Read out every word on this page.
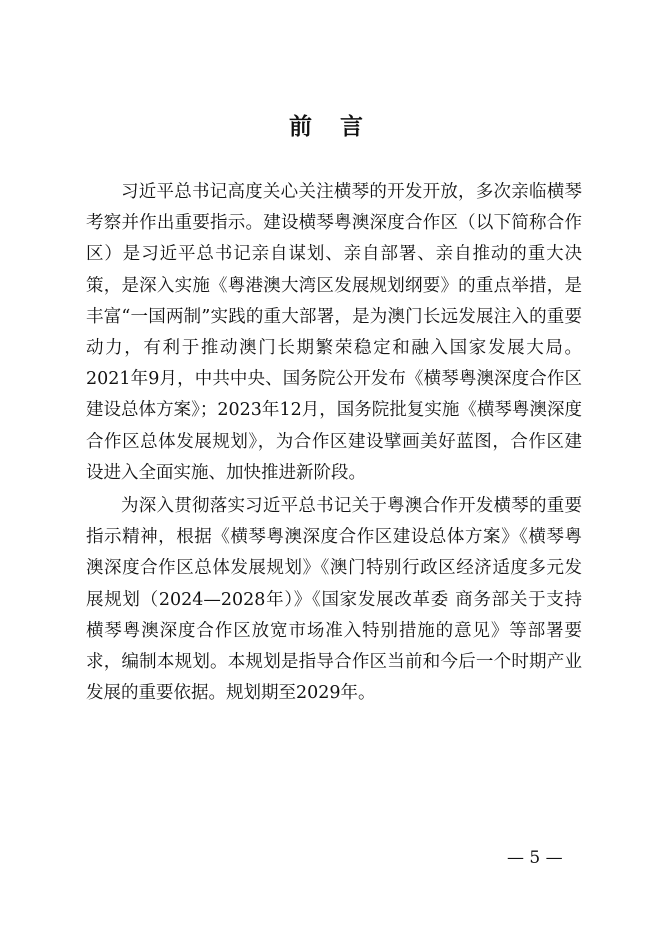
前 言

习近平总书记高度关心关注横琴的开发开放，多次亲临横琴考察并作出重要指示。建设横琴粤澳深度合作区（以下简称合作区）是习近平总书记亲自谋划、亲自部署、亲自推动的重大决策，是深入实施《粤港澳大湾区发展规划纲要》的重点举措，是丰富“一国两制”实践的重大部署，是为澳门长远发展注入的重要动力，有利于推动澳门长期繁荣稳定和融入国家发展大局。2021年9月，中共中央、国务院公开发布《横琴粤澳深度合作区建设总体方案》；2023年12月，国务院批复实施《横琴粤澳深度合作区总体发展规划》，为合作区建设擘画美好蓝图，合作区建设进入全面实施、加快推进新阶段。

为深入贯彻落实习近平总书记关于粤澳合作开发横琴的重要指示精神，根据《横琴粤澳深度合作区建设总体方案》《横琴粤澳深度合作区总体发展规划》《澳门特别行政区经济适度多元发展规划（2024—2028年）》《国家发展改革委 商务部关于支持横琴粤澳深度合作区放宽市场准入特别措施的意见》等部署要求，编制本规划。本规划是指导合作区当前和今后一个时期产业发展的重要依据。规划期至2029年。

— 5 —
